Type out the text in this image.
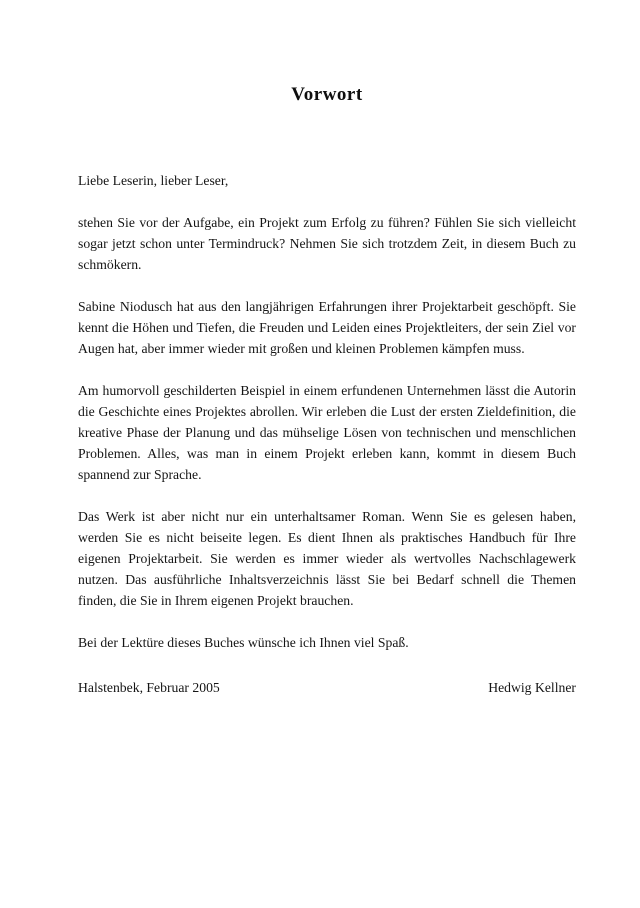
Vorwort

Liebe Leserin, lieber Leser,

stehen Sie vor der Aufgabe, ein Projekt zum Erfolg zu führen? Fühlen Sie sich vielleicht sogar jetzt schon unter Termindruck? Nehmen Sie sich trotzdem Zeit, in diesem Buch zu schmökern.

Sabine Niodusch hat aus den langjährigen Erfahrungen ihrer Projektarbeit geschöpft. Sie kennt die Höhen und Tiefen, die Freuden und Leiden eines Projektleiters, der sein Ziel vor Augen hat, aber immer wieder mit großen und kleinen Problemen kämpfen muss.

Am humorvoll geschilderten Beispiel in einem erfundenen Unternehmen lässt die Autorin die Geschichte eines Projektes abrollen. Wir erleben die Lust der ersten Zieldefinition, die kreative Phase der Planung und das mühselige Lösen von technischen und menschlichen Problemen. Alles, was man in einem Projekt erleben kann, kommt in diesem Buch spannend zur Sprache.

Das Werk ist aber nicht nur ein unterhaltsamer Roman. Wenn Sie es gelesen haben, werden Sie es nicht beiseite legen. Es dient Ihnen als praktisches Handbuch für Ihre eigenen Projektarbeit. Sie werden es immer wieder als wertvolles Nachschlagewerk nutzen. Das ausführliche Inhaltsverzeichnis lässt Sie bei Bedarf schnell die Themen finden, die Sie in Ihrem eigenen Projekt brauchen.

Bei der Lektüre dieses Buches wünsche ich Ihnen viel Spaß.

Halstenbek, Februar 2005	Hedwig Kellner
